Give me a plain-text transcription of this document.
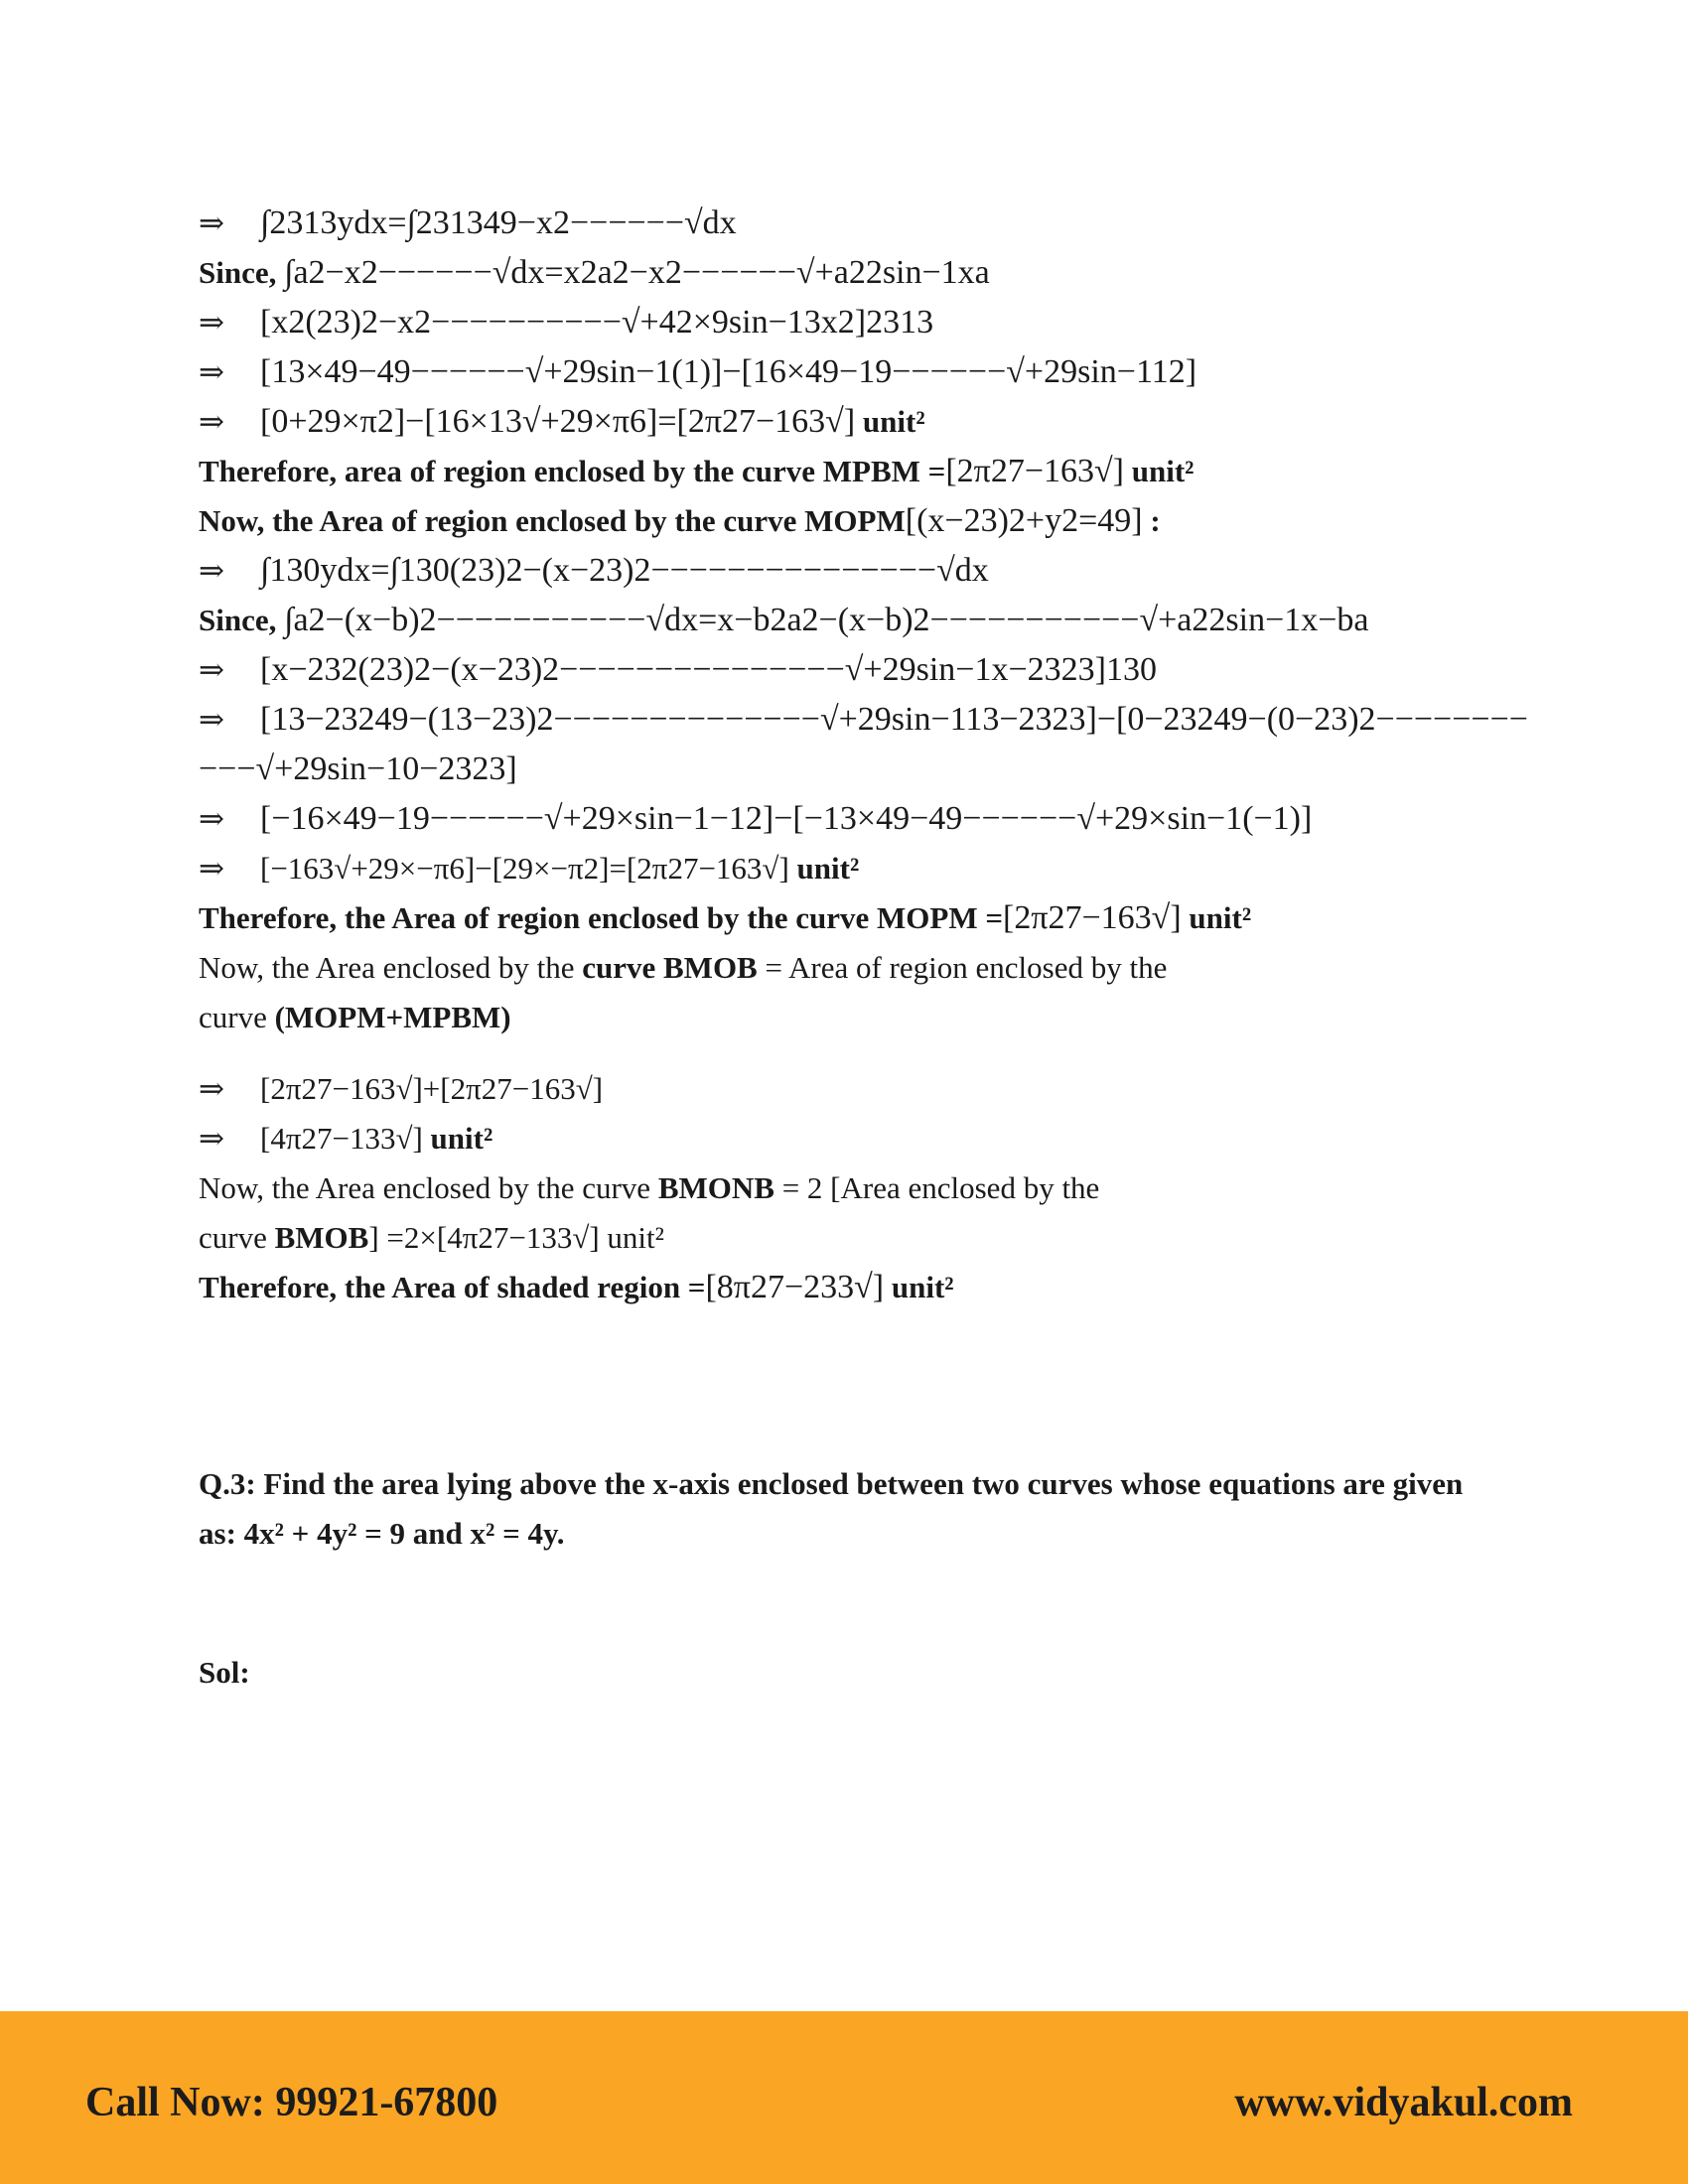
⇒ ∫2313ydx=∫231349−x2−−−−−−√dx
Since, ∫a2−x2−−−−−−√dx=x2a2−x2−−−−−−√+a22sin−1xa
⇒ [x2(23)2−x2−−−−−−−−−−√+42×9sin−13x2]2313
⇒ [13×49−49−−−−−−√+29sin−1(1)]−[16×49−19−−−−−−√+29sin−112]
⇒ [0+29×π2]−[16×13√+29×π6]=[2π27−163√] unit²
Therefore, area of region enclosed by the curve MPBM =[2π27−163√] unit²
Now, the Area of region enclosed by the curve MOPM[(x−23)2+y2=49] :
⇒ ∫130ydx=∫130(23)2−(x−23)2−−−−−−−−−−−−−−−√dx
Since, ∫a2−(x−b)2−−−−−−−−−−−√dx=x−b2a2−(x−b)2−−−−−−−−−−−√+a22sin−1x−ba
⇒ [x−232(23)2−(x−23)2−−−−−−−−−−−−−−−√+29sin−1x−2323]130
⇒ [13−23249−(13−23)2−−−−−−−−−−−−−−√+29sin−113−2323]−[0−23249−(0−23)2−−−−−−−−
−−−√+29sin−10−2323]
⇒ [−16×49−19−−−−−−√+29×sin−1−12]−[−13×49−49−−−−−−√+29×sin−1(−1)]
⇒ [−163√+29×−π6]−[29×−π2]=[2π27−163√] unit²
Therefore, the Area of region enclosed by the curve MOPM =[2π27−163√] unit²
Now, the Area enclosed by the curve BMOB = Area of region enclosed by the
curve (MOPM+MPBM)
⇒ [2π27−163√]+[2π27−163√]
⇒ [4π27−133√] unit²
Now, the Area enclosed by the curve BMONB = 2 [Area enclosed by the
curve BMOB] =2×[4π27−133√] unit²
Therefore, the Area of shaded region =[8π27−233√] unit²
Q.3: Find the area lying above the x-axis enclosed between two curves whose equations are given as: 4x² + 4y² = 9 and x² = 4y.
Sol:
Call Now: 99921-67800	www.vidyakul.com
